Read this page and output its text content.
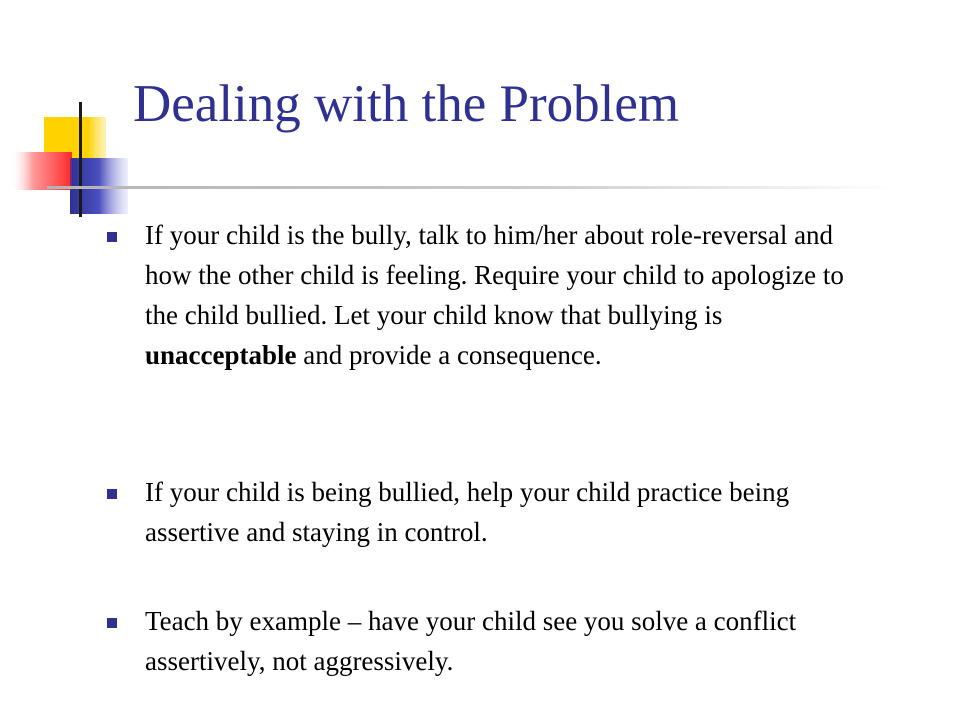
Dealing with the Problem
If your child is the bully, talk to him/her about role-reversal and how the other child is feeling. Require your child to apologize to the child bullied. Let your child know that bullying is unacceptable and provide a consequence.
If your child is being bullied, help your child practice being assertive and staying in control.
Teach by example – have your child see you solve a conflict assertively, not aggressively.
